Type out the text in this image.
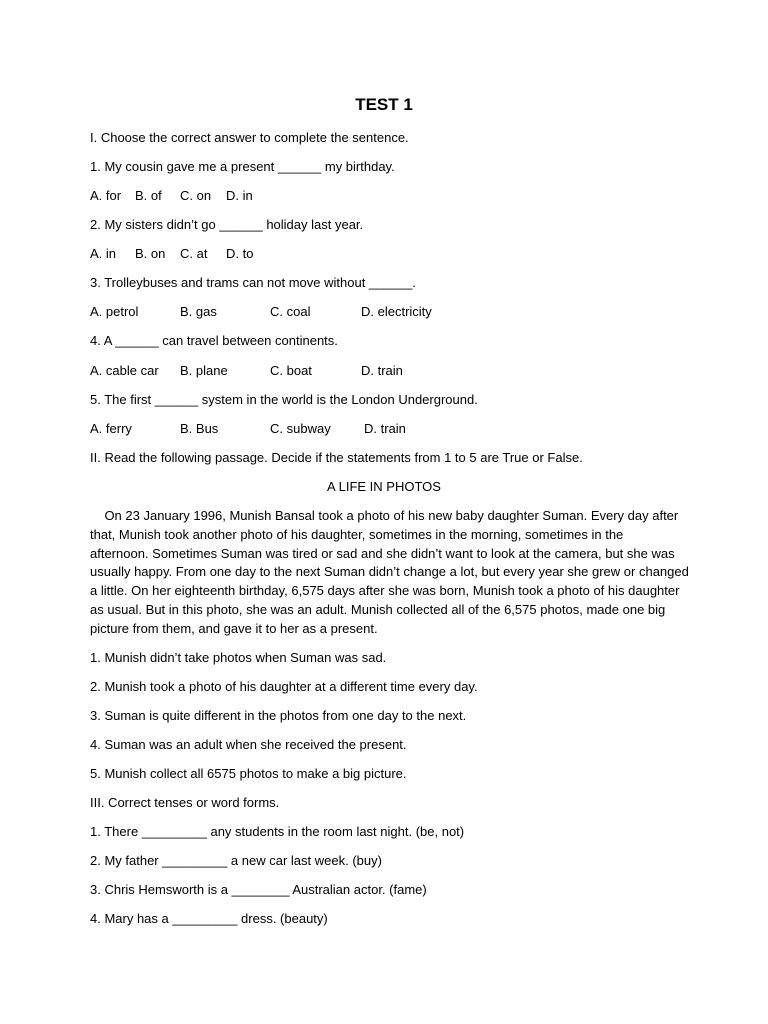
TEST 1
I. Choose the correct answer to complete the sentence.
1. My cousin gave me a present ______ my birthday.
A. for B. of C. on D. in
2. My sisters didn’t go ______ holiday last year.
A. in B. on C. at D. to
3. Trolleybuses and trams can not move without ______.
A. petrol	B. gas	C. coal	D. electricity
4. A ______ can travel between continents.
A. cable car B. plane	C. boat	D. train
5. The first ______ system in the world is the London Underground.
A. ferry	B. Bus	C. subway	D. train
II. Read the following passage. Decide if the statements from 1 to 5 are True or False.
A LIFE IN PHOTOS
On 23 January 1996, Munish Bansal took a photo of his new baby daughter Suman. Every day after
that, Munish took another photo of his daughter, sometimes in the morning, sometimes in the
afternoon. Sometimes Suman was tired or sad and she didn’t want to look at the camera, but she was
usually happy. From one day to the next Suman didn’t change a lot, but every year she grew or changed
a little. On her eighteenth birthday, 6,575 days after she was born, Munish took a photo of his daughter
as usual. But in this photo, she was an adult. Munish collected all of the 6,575 photos, made one big
picture from them, and gave it to her as a present.
1. Munish didn’t take photos when Suman was sad.
2. Munish took a photo of his daughter at a different time every day.
3. Suman is quite different in the photos from one day to the next.
4. Suman was an adult when she received the present.
5. Munish collect all 6575 photos to make a big picture.
III. Correct tenses or word forms.
1. There _________ any students in the room last night. (be, not)
2. My father _________ a new car last week. (buy)
3. Chris Hemsworth is a ________ Australian actor. (fame)
4. Mary has a _________ dress. (beauty)
